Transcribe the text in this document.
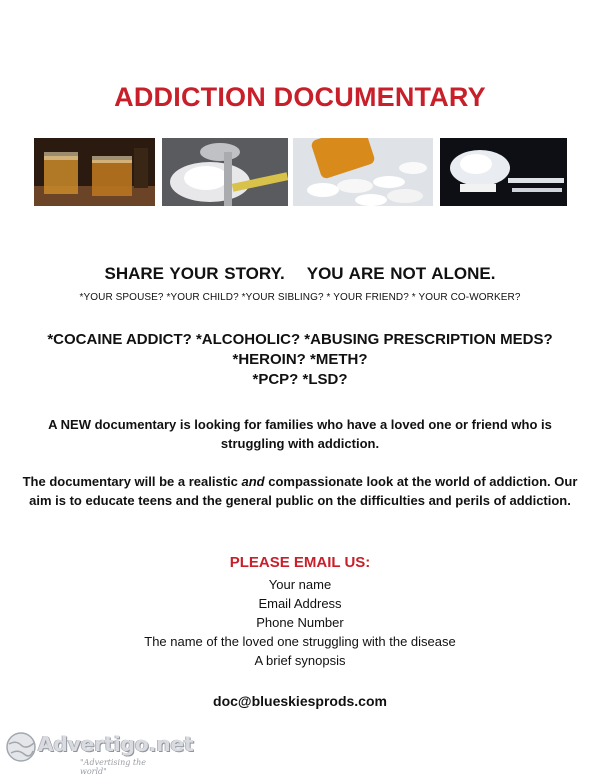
ADDICTION DOCUMENTARY
SHARE YOUR STORY. YOU ARE NOT ALONE.
*YOUR SPOUSE? *YOUR CHILD? *YOUR SIBLING? * YOUR FRIEND? * YOUR CO-WORKER?
*COCAINE ADDICT? *ALCOHOLIC? *ABUSING PRESCRIPTION MEDS?
*HEROIN? *METH?
*PCP? *LSD?
A NEW documentary is looking for families who have a loved one or friend who is struggling with addiction.
The documentary will be a realistic and compassionate look at the world of addiction. Our aim is to educate teens and the general public on the difficulties and perils of addiction.
PLEASE EMAIL US:
Your name
Email Address
Phone Number
The name of the loved one struggling with the disease
A brief synopsis
doc@blueskiesprods.com
Advertigo.net
"Advertising the world"
